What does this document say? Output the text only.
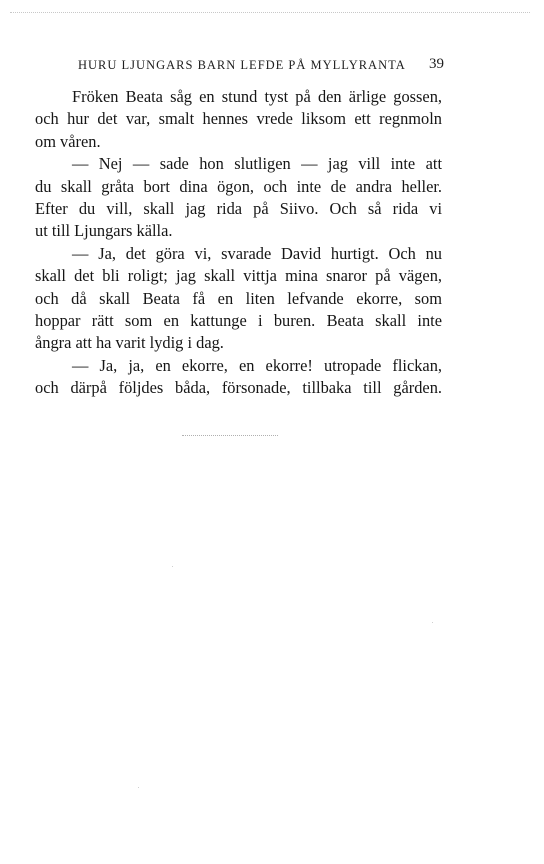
HURU LJUNGARS BARN LEFDE PÅ MYLLYRANTA 39
Fröken Beata såg en stund tyst på den ärlige gossen,
och hur det var, smalt hennes vrede liksom ett regnmoln
om våren.
— Nej — sade hon slutligen — jag vill inte att
du skall gråta bort dina ögon, och inte de andra heller.
Efter du vill, skall jag rida på Siivo. Och så rida vi
ut till Ljungars källa.
— Ja, det göra vi, svarade David hurtigt. Och nu
skall det bli roligt; jag skall vittja mina snaror på vägen,
och då skall Beata få en liten lefvande ekorre, som
hoppar rätt som en kattunge i buren. Beata skall inte
ångra att ha varit lydig i dag.
— Ja, ja, en ekorre, en ekorre! utropade flickan,
och därpå följdes båda, försonade, tillbaka till gården.
